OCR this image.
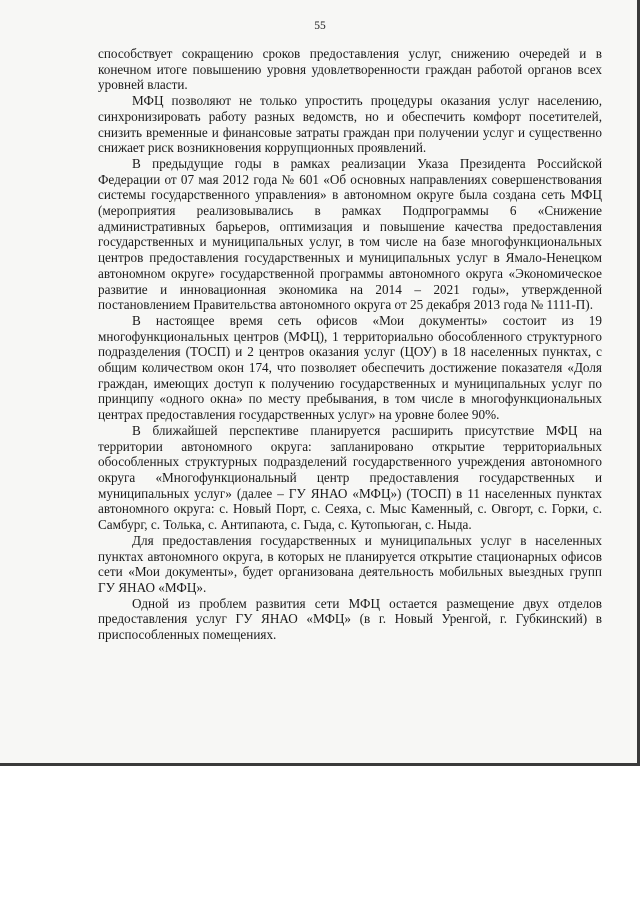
55

способствует сокращению сроков предоставления услуг, снижению очередей и в конечном итоге повышению уровня удовлетворенности граждан работой органов всех уровней власти.

МФЦ позволяют не только упростить процедуры оказания услуг населению, синхронизировать работу разных ведомств, но и обеспечить комфорт посетителей, снизить временные и финансовые затраты граждан при получении услуг и существенно снижает риск возникновения коррупционных проявлений.

В предыдущие годы в рамках реализации Указа Президента Российской Федерации от 07 мая 2012 года № 601 «Об основных направлениях совершенствования системы государственного управления» в автономном округе была создана сеть МФЦ (мероприятия реализовывались в рамках Подпрограммы 6 «Снижение административных барьеров, оптимизация и повышение качества предоставления государственных и муниципальных услуг, в том числе на базе многофункциональных центров предоставления государственных и муниципальных услуг в Ямало-Ненецком автономном округе» государственной программы автономного округа «Экономическое развитие и инновационная экономика на 2014 – 2021 годы», утвержденной постановлением Правительства автономного округа от 25 декабря 2013 года № 1111-П).

В настоящее время сеть офисов «Мои документы» состоит из 19 многофункциональных центров (МФЦ), 1 территориально обособленного структурного подразделения (ТОСП) и 2 центров оказания услуг (ЦОУ) в 18 населенных пунктах, с общим количеством окон 174, что позволяет обеспечить достижение показателя «Доля граждан, имеющих доступ к получению государственных и муниципальных услуг по принципу «одного окна» по месту пребывания, в том числе в многофункциональных центрах предоставления государственных услуг» на уровне более 90%.

В ближайшей перспективе планируется расширить присутствие МФЦ на территории автономного округа: запланировано открытие территориальных обособленных структурных подразделений государственного учреждения автономного округа «Многофункциональный центр предоставления государственных и муниципальных услуг» (далее – ГУ ЯНАО «МФЦ») (ТОСП) в 11 населенных пунктах автономного округа: с. Новый Порт, с. Сеяха, с. Мыс Каменный, с. Овгорт, с. Горки, с. Самбург, с. Толька, с. Антипаюта, с. Гыда, с. Кутопьюган, с. Ныда.

Для предоставления государственных и муниципальных услуг в населенных пунктах автономного округа, в которых не планируется открытие стационарных офисов сети «Мои документы», будет организована деятельность мобильных выездных групп ГУ ЯНАО «МФЦ».

Одной из проблем развития сети МФЦ остается размещение двух отделов предоставления услуг ГУ ЯНАО «МФЦ» (в г. Новый Уренгой, г. Губкинский) в приспособленных помещениях.
